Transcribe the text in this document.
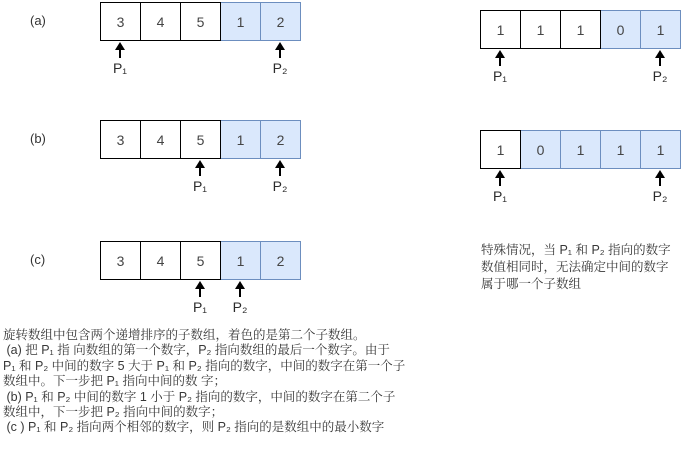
(a)
(b)
(c)
3	4	5	1	2
P₁	P₂
3	4	5	1	2
P₁	P₂
3	4	5	1	2
P₁ P₂
1	1	1	0	1
P₁	P₂
1	0	1	1	1
P₁	P₂
特殊情况，当 P₁ 和 P₂ 指向的数字
数值相同时，无法确定中间的数字
属于哪一个子数组
旋转数组中包含两个递增排序的子数组，着色的是第二个子数组。
(a) 把 P₁ 指 向数组的第一个数字，P₂ 指向数组的最后一个数字。由于
P₁ 和 P₂ 中间的数字 5 大于 P₁ 和 P₂ 指向的数字，中间的数字在第一个子
数组中。下一步把 P₁ 指向中间的数 字；
(b) P₁ 和 P₂ 中间的数字 1 小于 P₂ 指向的数字，中间的数字在第二个子
数组中，下一步把 P₂ 指向中间的数字；
(c ) P₁ 和 P₂ 指向两个相邻的数字，则 P₂ 指向的是数组中的最小数字
